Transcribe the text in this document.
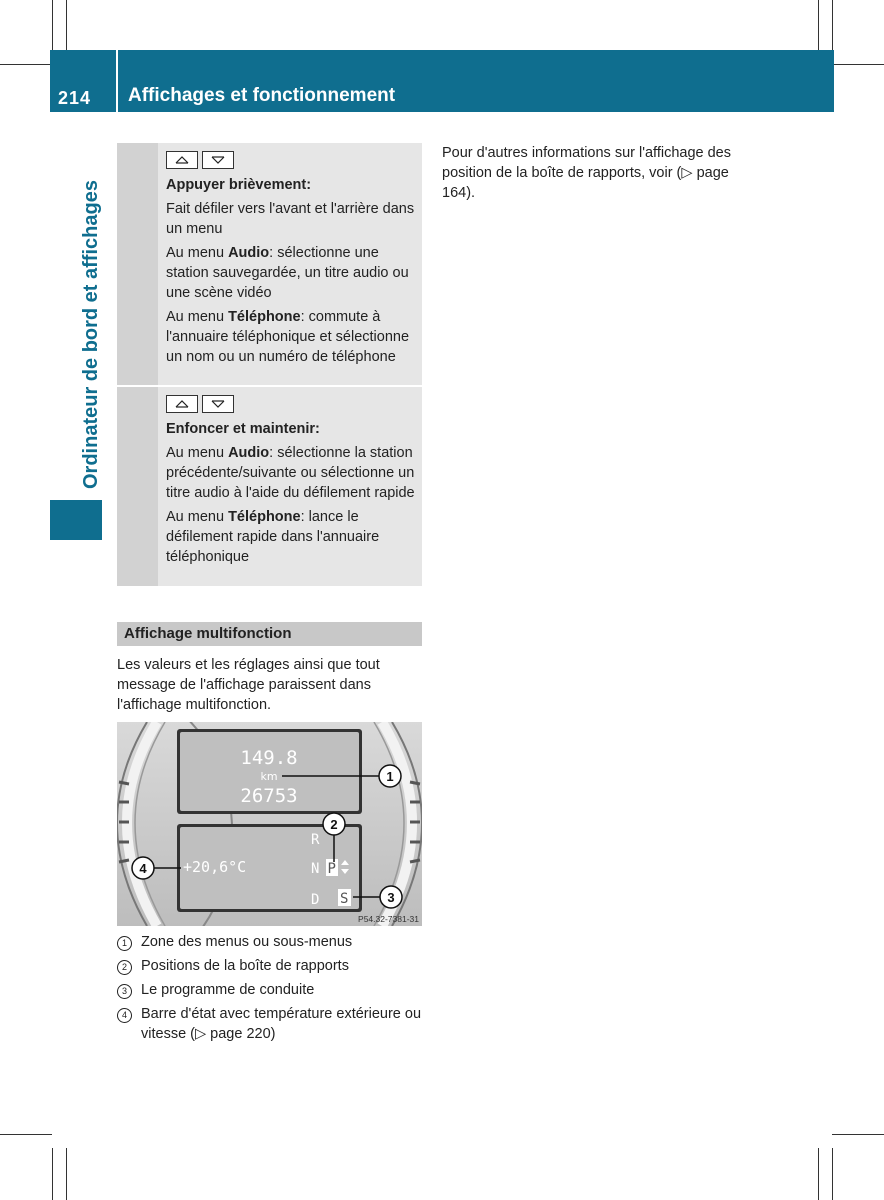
214 Affichages et fonctionnement
Ordinateur de bord et affichages	Appuyer brièvement:

Fait défiler vers l'avant et l'arrière dans un menu

Au menu Audio: sélectionne une station sauvegardée, un titre audio ou une scène vidéo

Au menu Téléphone: commute à l'annuaire téléphonique et sélectionne un nom ou un numéro de téléphone

Enfoncer et maintenir:

Au menu Audio: sélectionne la station précédente/suivante ou sélectionne un titre audio à l'aide du défilement rapide

Au menu Téléphone: lance le défilement rapide dans l'annuaire téléphonique

Affichage multifonction
Les valeurs et les réglages ainsi que tout message de l'affichage paraissent dans l'affichage multifonction.
149.8
km
26753
+20,6°C
R
N P
D S
1
2
3
4
P54.32-7381-31
1 Zone des menus ou sous-menus
2 Positions de la boîte de rapports
3 Le programme de conduite
4 Barre d'état avec température extérieure ou vitesse (▷ page 220)
Pour d'autres informations sur l'affichage des position de la boîte de rapports, voir (▷ page 164).
